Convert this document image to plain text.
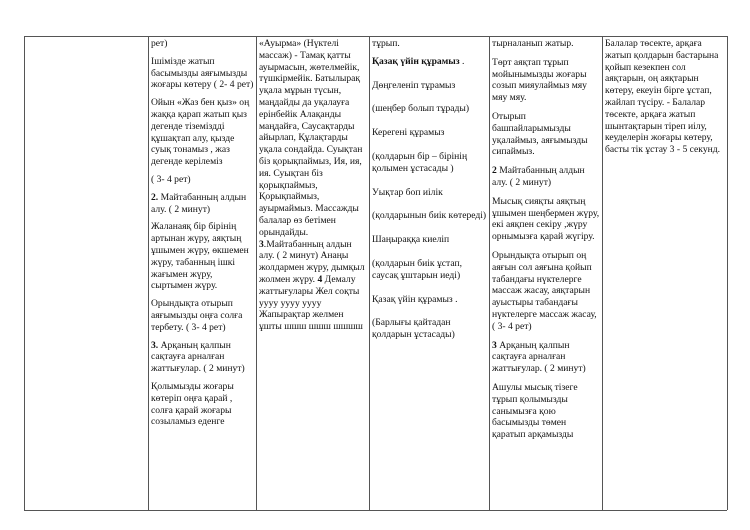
рет)

Ішімізде жатып басымызды аяғымызды жоғары көтеру ( 2- 4 рет)

Ойын «Жаз бен қыз» оң жаққа қарап жатып қыз дегенде тіземіздді құшақтап алу, қызде суық тонамыз , жаз дегенде керілеміз

( 3- 4 рет)

2. Майтабанның алдын алу. ( 2 минут)

Жаланаяқ бір бірінің артынан жүру, аяқтың ұшымен жүру, өкшемен жүру, табанның ішкі жағымен жүру, сыртымен жүру.

Орындықта отырып аяғымызды оңға солға тербету. ( 3- 4 рет)

3. Арқаның қалпын сақтауға арналған жаттығулар. ( 2 минут)

Қолымызды жоғары көтеріп оңға қарай , солға қарай жоғары созыламыз еденге

«Ауырма» (Нүктелі массаж) - Тамақ қатты ауырмасын, жөтелмейік, түшкірмейік. Батылырақ уқала мұрын түсын, маңдайды да уқалауға ерінбейік Алақанды маңдайға, Саусақтарды айырлап, Құлақтарды уқала сондайда. Суықтан біз қорықпаймыз, Ия, ия, ия. Суықтан біз қорықпаймыз, Қорықпаймыз, ауырмаймыз. Массажды балалар өз бетімен орындайды. 3.Майтабанның алдын алу. ( 2 минут) Анаңы жолдармен жүру, дымқыл жолмен жүру. 4 Демалу жаттығулары Жел соқты уууу уууу уууу Жапырақтар желмен ұшты шшш шшш шшшш

тұрып.

Қазақ үйін құрамыз .

Дөңгеленіп тұрамыз

(шеңбер болып тұрады)

Керегені құрамыз

(қолдарын бір – бірінің қолымен ұстасады )

Уықтар боп иілік

(қолдарынын биік көтереді)

Шаңыраққа киеліп

(қолдарын биік ұстап, саусақ ұштарын иеді)

Қазақ үйін құрамыз .

(Барлығы қайтадан қолдарын ұстасады)

тырналанып жатыр.

Төрт аяқтап тұрып мойынымызды жоғары созып мияулаймыз мяу мяу мяу.

Отырып башпайларымызды уқалаймыз, аяғымызды сипаймыз.

2 Майтабанның алдын алу. ( 2 минут)

Мысық сияқты аяқтың ұшымен шеңбермен жүру, екі аяқпен секіру ,жүру орнымызға қарай жүгіру.

Орындықта отырып оң аяғын сол аяғына қойып табандағы нүктелерге массаж жасау, аяқтарын ауыстыры табандағы нүктелерге массаж жасау, ( 3- 4 рет)

3 Арқаның қалпын сақтауға арналған жаттығулар. ( 2 минут)

Ашулы мысық тізеге тұрып қолымызды санымызға қою басымызды төмен қаратып арқамызды

Балалар төсекте, арқаға жатып қолдарын бастарына қойып кезекпен сол аяқтарын, оң аяқтарын көтеру, екеуін бірге ұстап, жайлап түсіру. - Балалар төсекте, арқаға жатып шынтақтарын тіреп иілу, кеуделерін жоғары көтеру, басты тік ұстау 3 - 5 секунд.
